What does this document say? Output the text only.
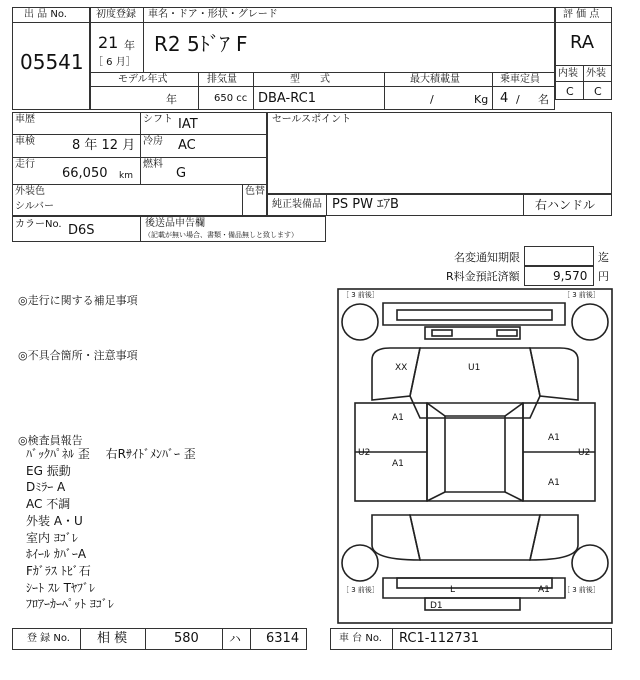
出 品 No.
05541
初度登録 車名・ドア・形状・グレード
21 年
［ 6 月］
R2 5ﾄﾞｱ F
モデル年式	排気量	型　　式	最大積載量	乗車定員
年	650 cc DBA-RC1	/	Kg 4 / 名
評 価 点
RA
内装 外装
C C
車歴	シフト IAT
車検	8 年 12 月 冷房 AC
走行
66,050 km
燃料
G
外装色
シルバー
色替
セールスポイント
純正装備品 PS PW ｴｱB	右ハンドル
カラーNo. D6S	後送品申告欄
（記載が無い場合、書類・備品無しと致します）
名変通知期限	迄
R料金預託済額	9,570 円
◎走行に関する補足事項
◎不具合箇所・注意事項
◎検査員報告
ﾊﾞｯｸﾊﾟﾈﾙ 歪　 右Rｻｲﾄﾞﾒﾝﾊﾞｰ 歪
EG 振動
Dﾐﾗｰ A
AC 不調
外装 A・U
室内 ﾖｺﾞﾚ
ﾎｲｰﾙ ｶﾊﾞｰA
Fｶﾞﾗｽ ﾄﾋﾞ石
ｼｰﾄ ｽﾚ Tﾔﾌﾞﾚ
ﾌﾛｱｰｶｰﾍﾟｯﾄ ﾖｺﾞﾚ
［ 3 前後］	［ 3 前後］
［ 3 前後］	［ 3 前後］
XX	U1
A1
A1
A1
A1
U2	U2
L	A1
D1
登 録 No. 相 模	580	ハ 6314	車 台 No. RC1-112731
